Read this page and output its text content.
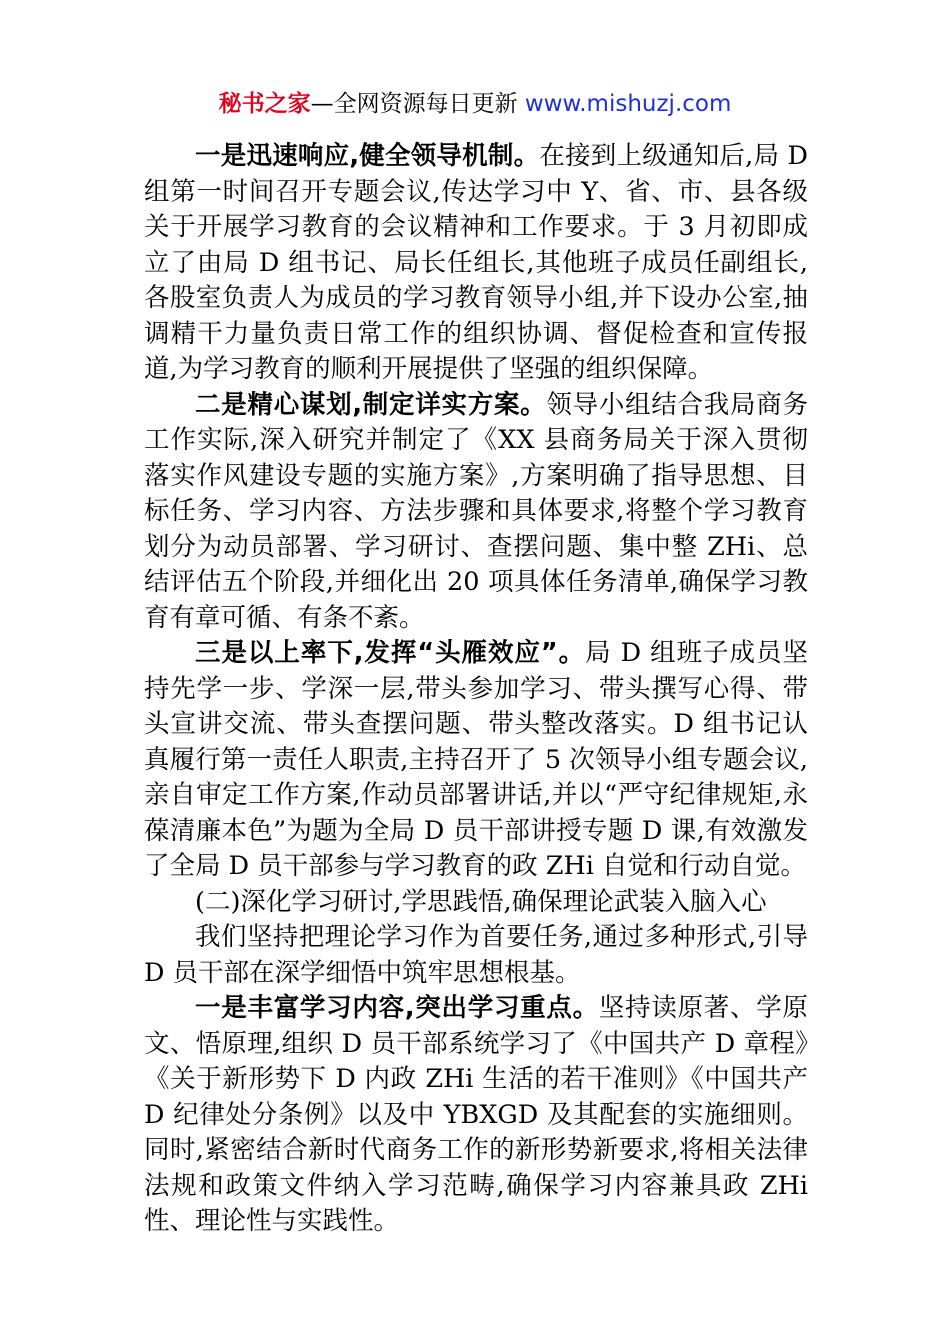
秘书之家—全网资源每日更新 www.mishuzj.com

一是迅速响应,健全领导机制。在接到上级通知后,局 D 组第一时间召开专题会议,传达学习中 Y、省、市、县各级关于开展学习教育的会议精神和工作要求。于 3 月初即成立了由局 D 组书记、局长任组长,其他班子成员任副组长,各股室负责人为成员的学习教育领导小组,并下设办公室,抽调精干力量负责日常工作的组织协调、督促检查和宣传报道,为学习教育的顺利开展提供了坚强的组织保障。

二是精心谋划,制定详实方案。领导小组结合我局商务工作实际,深入研究并制定了《XX 县商务局关于深入贯彻落实作风建设专题的实施方案》,方案明确了指导思想、目标任务、学习内容、方法步骤和具体要求,将整个学习教育划分为动员部署、学习研讨、查摆问题、集中整 ZHi、总结评估五个阶段,并细化出 20 项具体任务清单,确保学习教育有章可循、有条不紊。

三是以上率下,发挥“头雁效应”。局 D 组班子成员坚持先学一步、学深一层,带头参加学习、带头撰写心得、带头宣讲交流、带头查摆问题、带头整改落实。D 组书记认真履行第一责任人职责,主持召开了 5 次领导小组专题会议,亲自审定工作方案,作动员部署讲话,并以“严守纪律规矩,永葆清廉本色”为题为全局 D 员干部讲授专题 D 课,有效激发了全局 D 员干部参与学习教育的政 ZHi 自觉和行动自觉。

(二)深化学习研讨,学思践悟,确保理论武装入脑入心

我们坚持把理论学习作为首要任务,通过多种形式,引导 D 员干部在深学细悟中筑牢思想根基。

一是丰富学习内容,突出学习重点。坚持读原著、学原文、悟原理,组织 D 员干部系统学习了《中国共产 D 章程》《关于新形势下 D 内政 ZHi 生活的若干准则》《中国共产 D 纪律处分条例》以及中 YBXGD 及其配套的实施细则。同时,紧密结合新时代商务工作的新形势新要求,将相关法律法规和政策文件纳入学习范畴,确保学习内容兼具政 ZHi 性、理论性与实践性。
